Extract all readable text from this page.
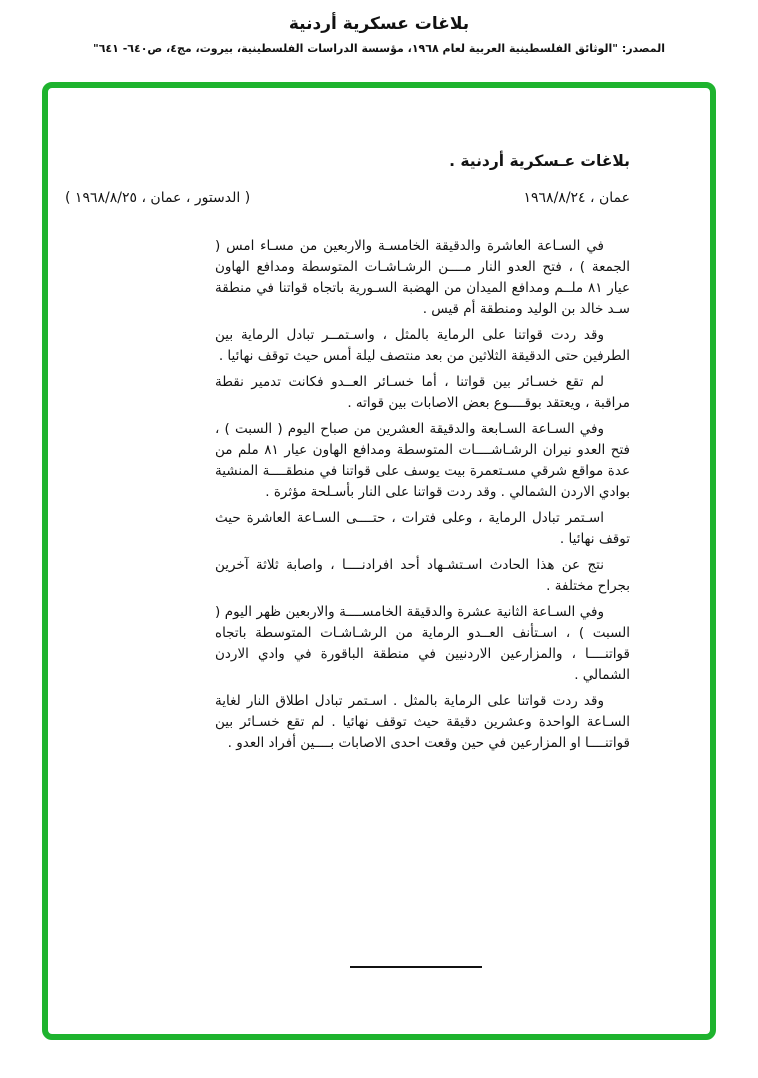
بلاغات عسكرية أردنية
المصدر: "الوثائق الفلسطينية العربية لعام ١٩٦٨، مؤسسة الدراسات الفلسطينية، بيروت، مج٤، ص٦٤٠- ٦٤١"
بلاغات عـسكرية أردنية .
عمان ، ١٩٦٨/٨/٢٤
( الدستور ، عمان ، ١٩٦٨/٨/٢٥ )

في السـاعة العاشرة والدقيقة الخامسـة والاربعين من مسـاء امس ( الجمعة ) ، فتح العدو النار مــــن الرشـاشـات المتوسطة ومدافع الهاون عيار ٨١ ملــم ومدافع الميدان من الهضبة السـورية باتجاه قواتنا في منطقة سـد خالد بن الوليد ومنطقة أم قيس .

وقد ردت قواتنا على الرماية بالمثل ، واسـتمــر تبادل الرماية بين الطرفين حتى الدقيقة الثلاثين من بعد منتصف ليلة أمس حيث توقف نهائيا .

لم تقع خسـائر بين قواتنا ، أما خسـائر العــدو فكانت تدمير نقطة مراقبة ، ويعتقد بوقــــوع بعض الاصابات بين قواته .

وفي السـاعة السـابعة والدقيقة العشرين من صباح اليوم ( السبت ) ، فتح العدو نيران الرشـاشــــات المتوسطة ومدافع الهاون عيار ٨١ ملم من عدة مواقع شرقي مسـتعمرة بيت يوسف على قواتنا في منطقــــة المنشية بوادي الاردن الشمالي . وقد ردت قواتنا على النار بأسـلحة مؤثرة .

اسـتمر تبادل الرماية ، وعلى فترات ، حتــــى السـاعة العاشرة حيث توقف نهائيا .

نتج عن هذا الحادث اسـتشـهاد أحد افرادنــــا ، واصابة ثلاثة آخرين بجراح مختلفة .

وفي السـاعة الثانية عشرة والدقيقة الخامســــة والاربعين ظهر اليوم ( السبت ) ، اسـتأنف العــدو الرماية من الرشـاشـات المتوسطة باتجاه قواتنــــا ، والمزارعين الاردنيين في منطقة الباقورة في وادي الاردن الشمالي .

وقد ردت قواتنا على الرماية بالمثل . اسـتمر تبادل اطلاق النار لغاية السـاعة الواحدة وعشرين دقيقة حيث توقف نهائيا . لم تقع خسـائر بين قواتنــــا او المزارعين في حين وقعت احدى الاصابات بــــين أفراد العدو .
